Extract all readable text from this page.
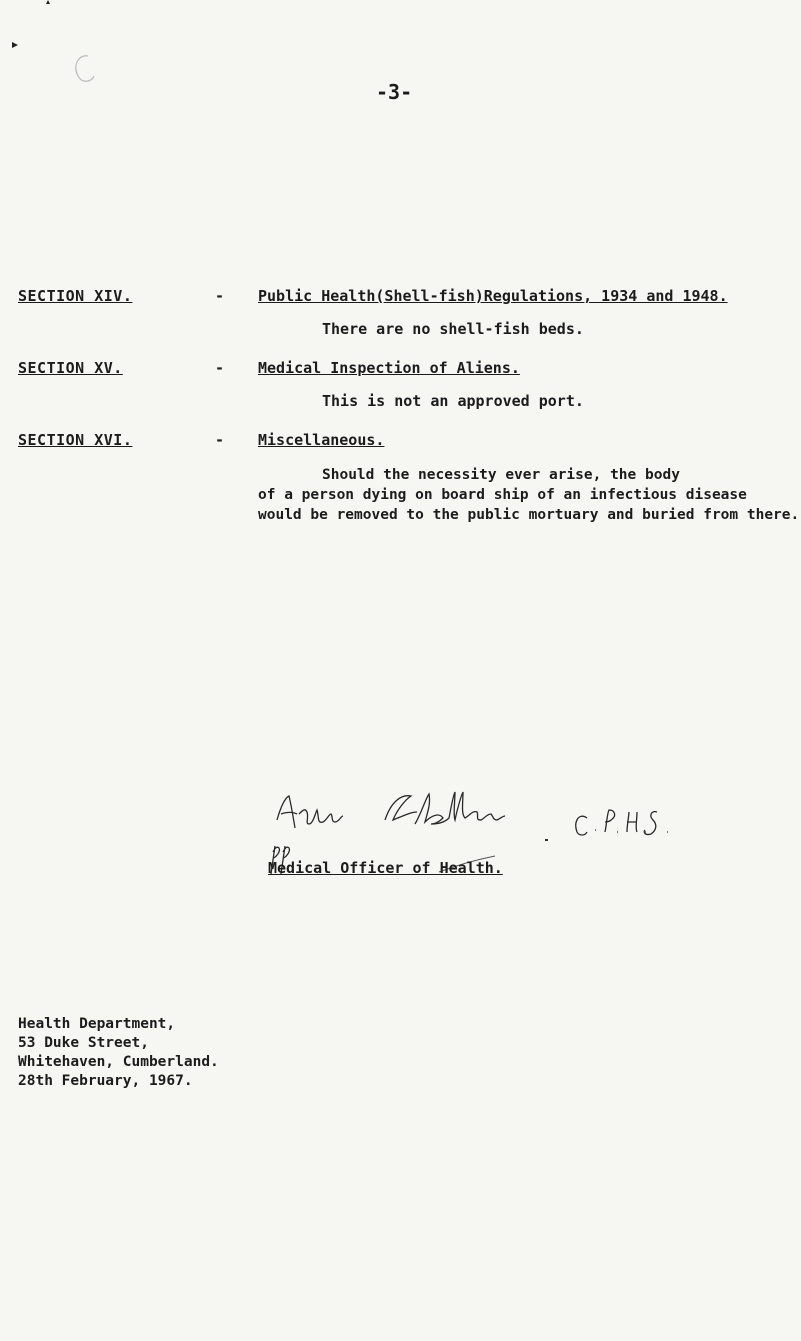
-3-
SECTION XIV.	- Public Health(Shell-fish)Regulations, 1934 and 1948.
There are no shell-fish beds.
SECTION XV.	- Medical Inspection of Aliens.
This is not an approved port.
SECTION XVI.	- Miscellaneous.
Should the necessity ever arise, the body
of a person dying on board ship of an infectious disease
would be removed to the public mortuary and buried from there.
Medical Officer of Health.
Health Department,
53 Duke Street,
Whitehaven, Cumberland.
28th February, 1967.
